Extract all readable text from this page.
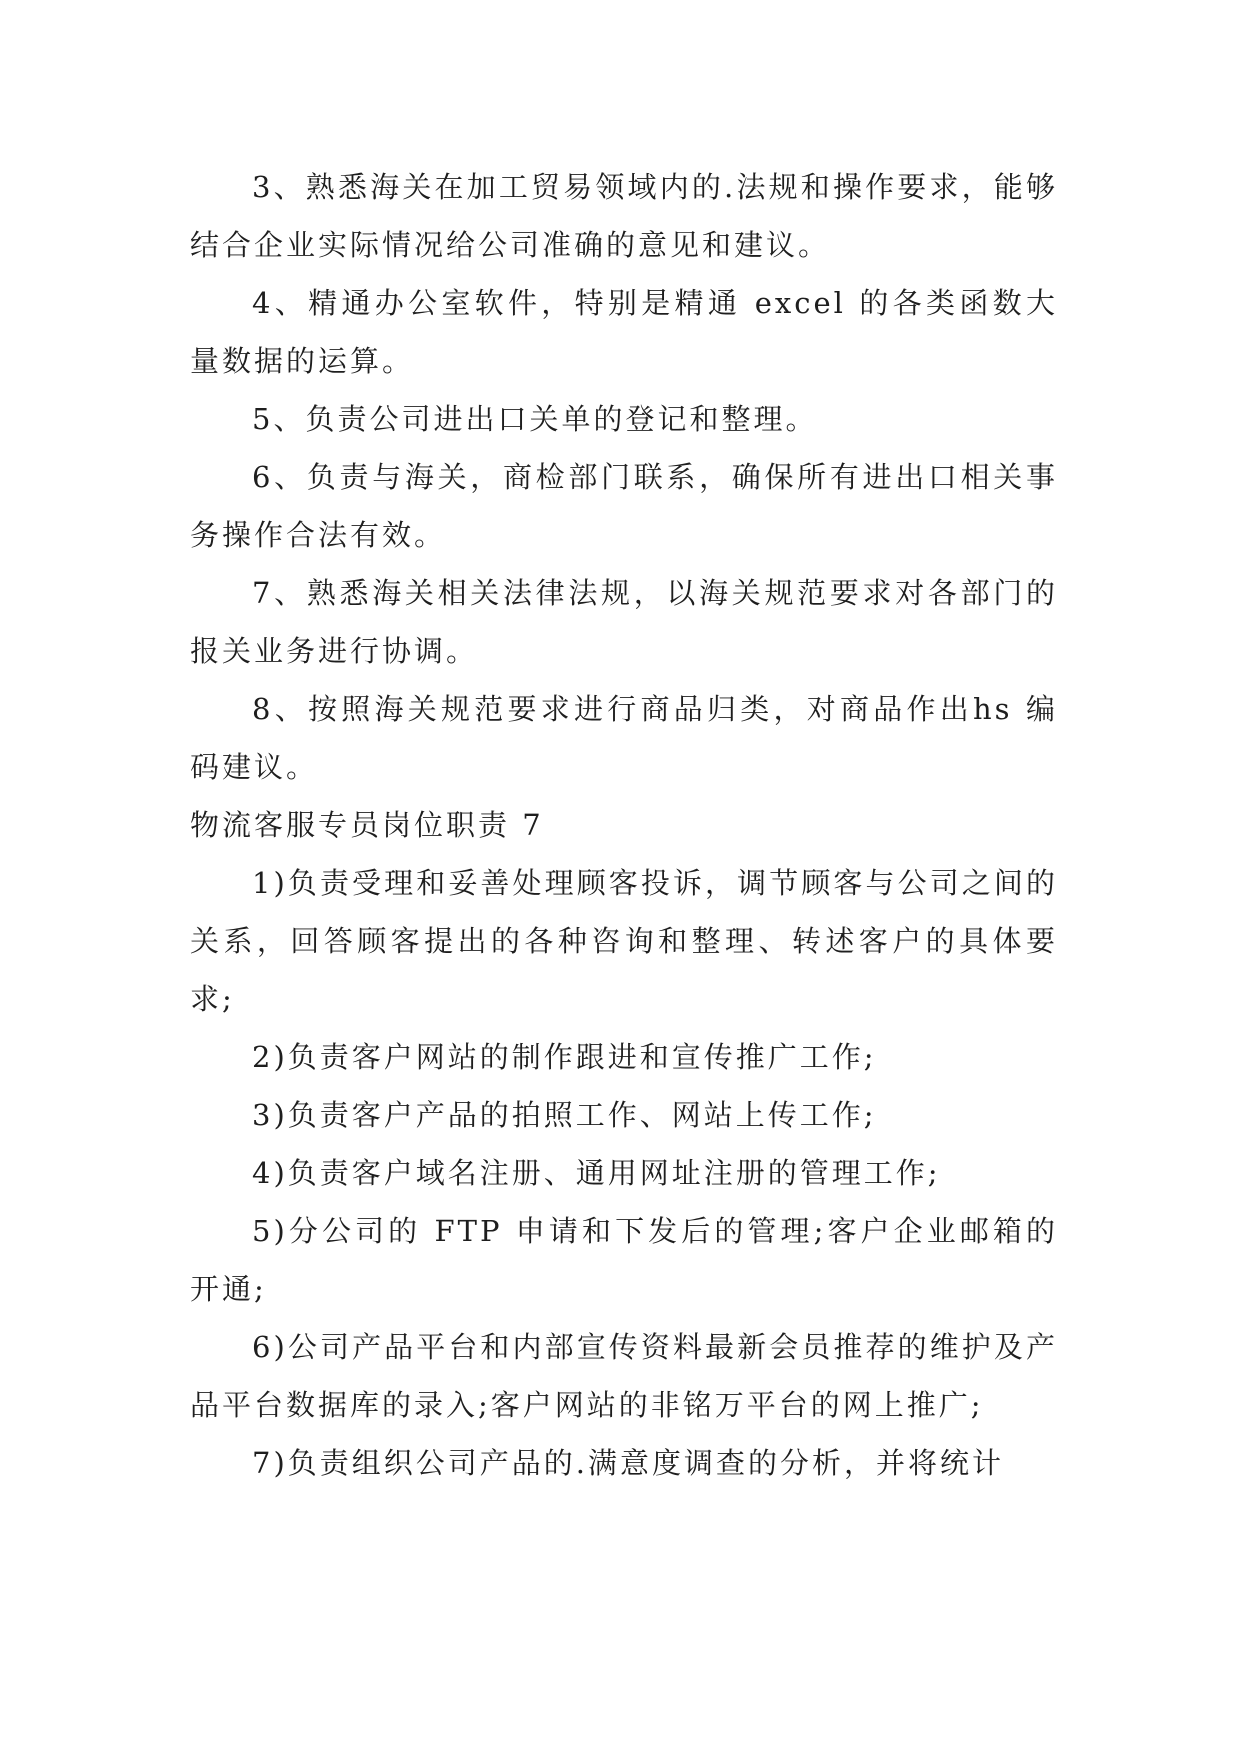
3、熟悉海关在加工贸易领域内的.法规和操作要求，能够结合企业实际情况给公司准确的意见和建议。

4、精通办公室软件，特别是精通 excel 的各类函数大量数据的运算。

5、负责公司进出口关单的登记和整理。

6、负责与海关，商检部门联系，确保所有进出口相关事务操作合法有效。

7、熟悉海关相关法律法规，以海关规范要求对各部门的报关业务进行协调。

8、按照海关规范要求进行商品归类，对商品作出hs 编码建议。

物流客服专员岗位职责 7

1)负责受理和妥善处理顾客投诉，调节顾客与公司之间的关系，回答顾客提出的各种咨询和整理、转述客户的具体要求;

2)负责客户网站的制作跟进和宣传推广工作;

3)负责客户产品的拍照工作、网站上传工作;

4)负责客户域名注册、通用网址注册的管理工作;

5)分公司的 FTP 申请和下发后的管理;客户企业邮箱的开通;

6)公司产品平台和内部宣传资料最新会员推荐的维护及产品平台数据库的录入;客户网站的非铭万平台的网上推广;

7)负责组织公司产品的.满意度调查的分析，并将统计
